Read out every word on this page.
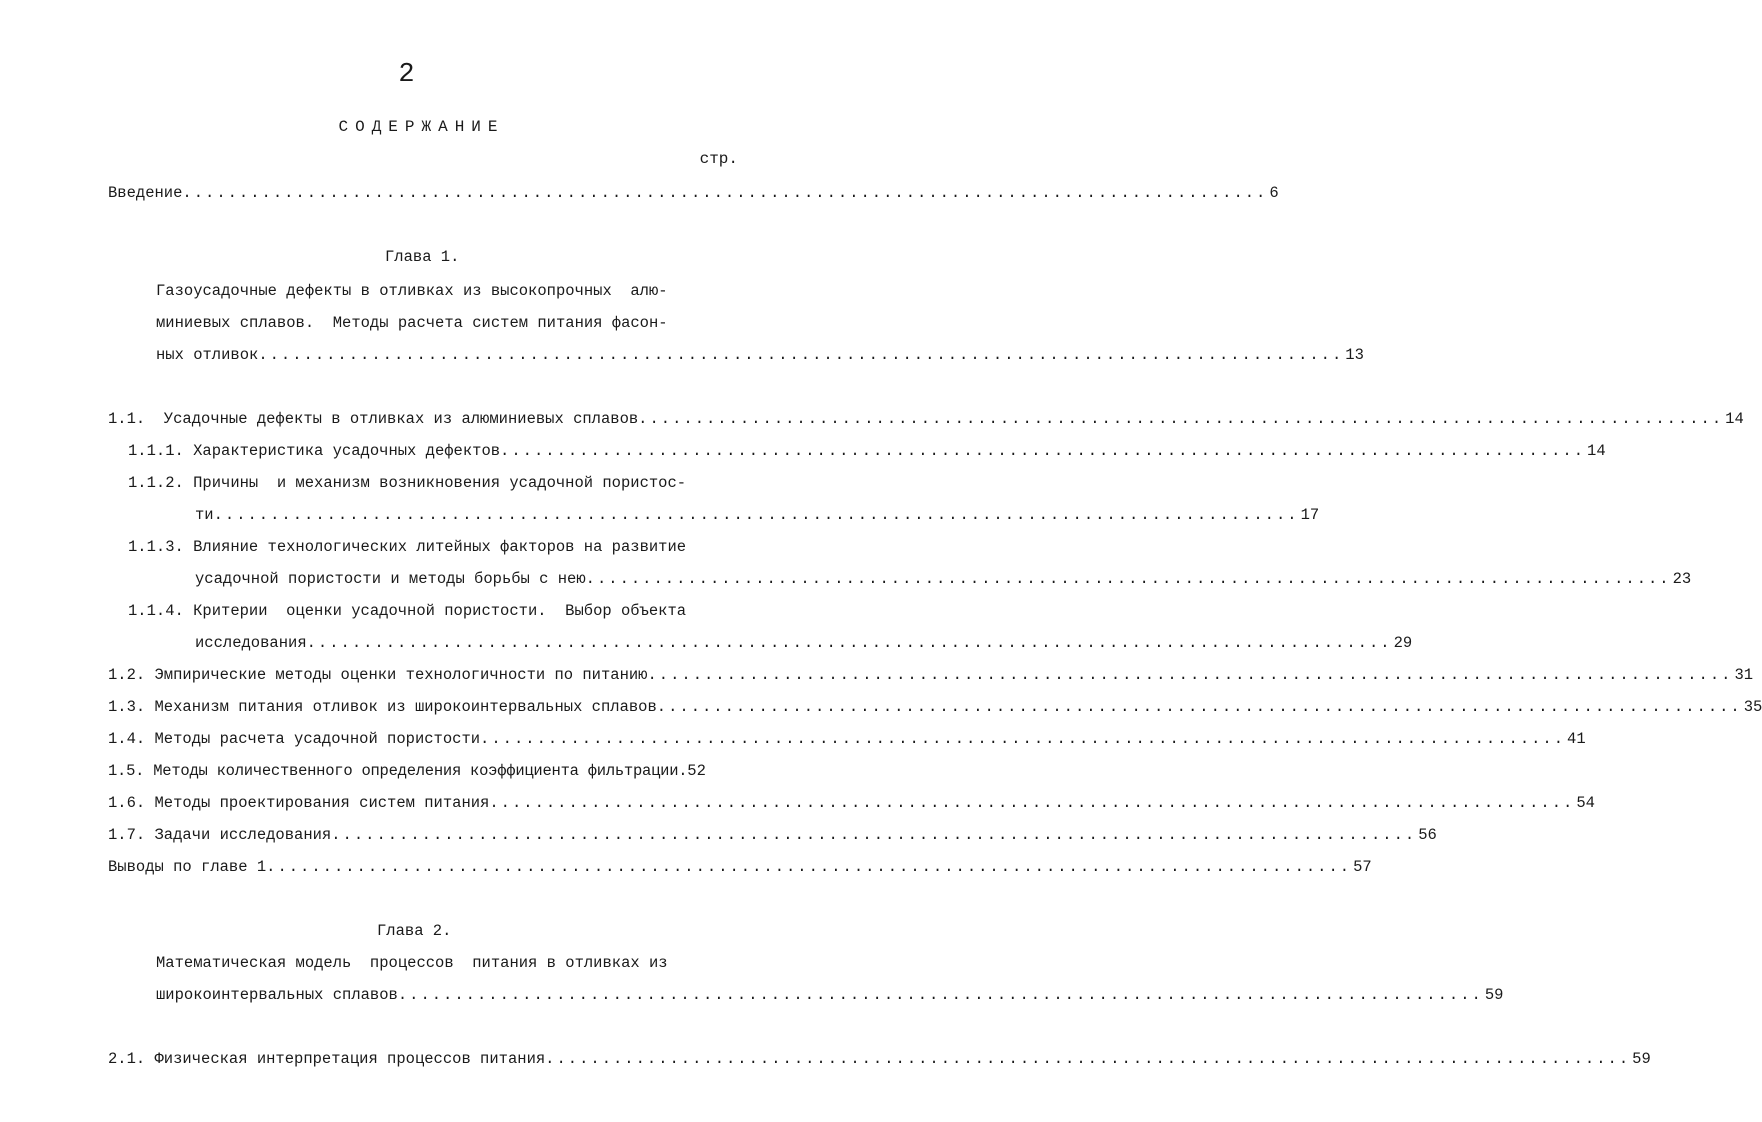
2
СОДЕРЖАНИЕ
стр.
Введение. ............................................................................................... 6
Глава 1.
Газоусадочные дефекты в отливках из высокопрочных  алю-
миниевых сплавов.  Методы расчета систем питания фасон-
ных отливок. ............................................................................................... 13
1.1.  Усадочные дефекты в отливках из алюминиевых сплавов. ............................................................................................... 14
1.1.1. Характеристика усадочных дефектов. ............................................................................................... 14
1.1.2. Причины  и механизм возникновения усадочной пористос-
ти. ............................................................................................... 17
1.1.3. Влияние технологических литейных факторов на развитие
усадочной пористости и методы борьбы с нею. ............................................................................................... 23
1.1.4. Критерии  оценки усадочной пористости.  Выбор объекта
исследования. ............................................................................................... 29
1.2. Эмпирические методы оценки технологичности по питанию. ............................................................................................... 31
1.3. Механизм питания отливок из широкоинтервальных сплавов. ............................................................................................... 35
1.4. Методы расчета усадочной пористости. ............................................................................................... 41
1.5. Методы количественного определения коэффициента фильтрации. 52
1.6. Методы проектирования систем питания. ............................................................................................... 54
1.7. Задачи исследования. ............................................................................................... 56
Выводы по главе 1. ............................................................................................... 57
Глава 2.
Математическая модель  процессов  питания в отливках из
широкоинтервальных сплавов. ............................................................................................... 59
2.1. Физическая интерпретация процессов питания. ............................................................................................... 59
